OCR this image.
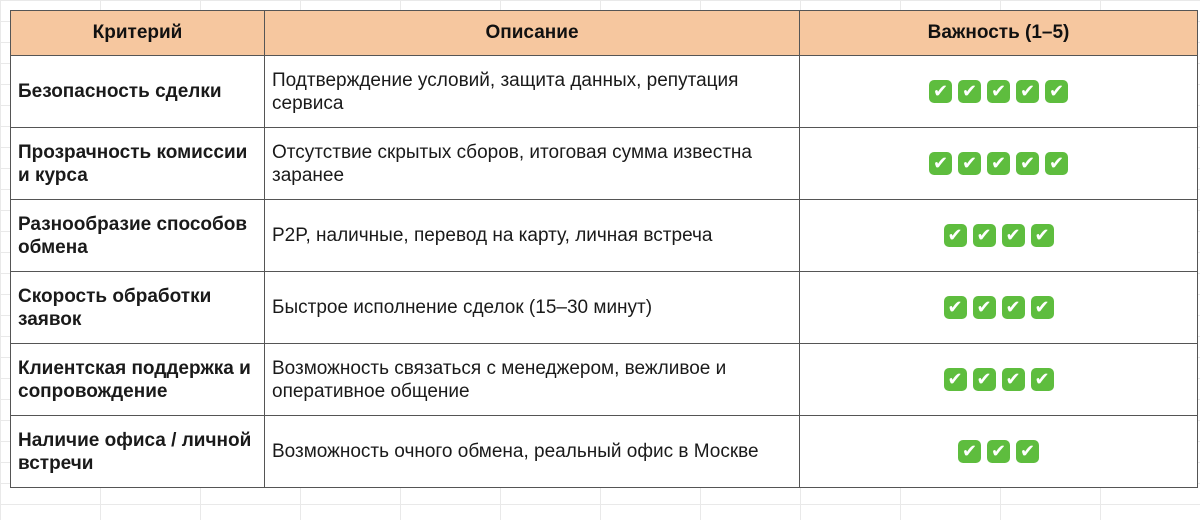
Критерий	Описание	Важность (1–5)
Безопасность сделки	Подтверждение условий, защита данных, репутация сервиса	✔✔✔✔✔
Прозрачность комиссии и курса	Отсутствие скрытых сборов, итоговая сумма известна заранее	✔✔✔✔✔
Разнообразие способов обмена	P2P, наличные, перевод на карту, личная встреча	✔✔✔✔
Скорость обработки заявок	Быстрое исполнение сделок (15–30 минут)	✔✔✔✔
Клиентская поддержка и сопровождение	Возможность связаться с менеджером, вежливое и оперативное общение	✔✔✔✔
Наличие офиса / личной встречи	Возможность очного обмена, реальный офис в Москве	✔✔✔
